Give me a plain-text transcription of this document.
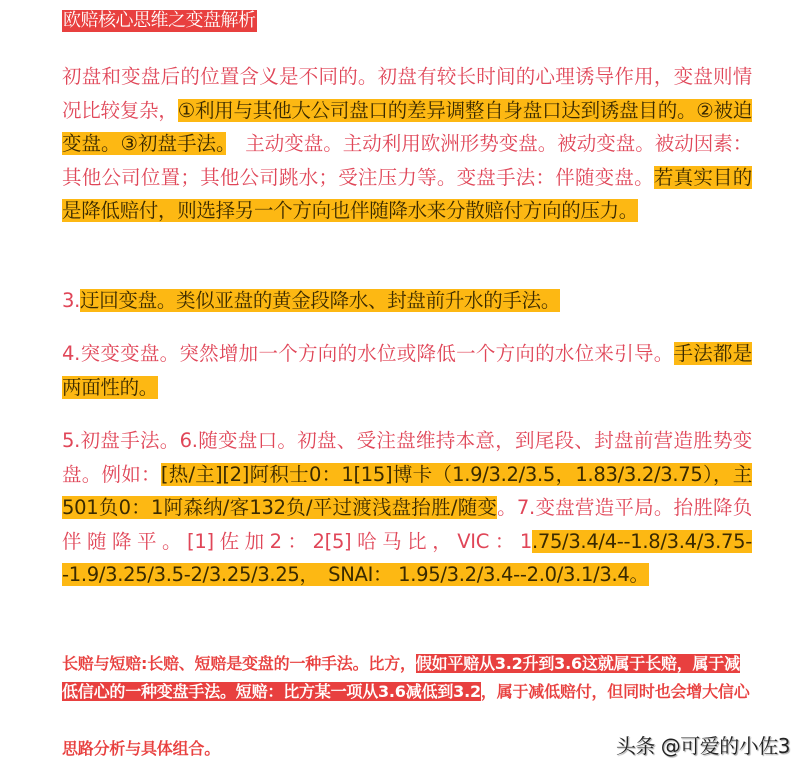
欧赔核心思维之变盘解析

初盘和变盘后的位置含义是不同的。初盘有较长时间的心理诱导作用，变盘则情况比较复杂，①利用与其他大公司盘口的差异调整自身盘口达到诱盘目的。②被迫变盘。③初盘手法。　主动变盘。主动利用欧洲形势变盘。被动变盘。被动因素：其他公司位置；其他公司跳水；受注压力等。变盘手法：伴随变盘。若真实目的是降低赔付，则选择另一个方向也伴随降水来分散赔付方向的压力。

3.迂回变盘。类似亚盘的黄金段降水、封盘前升水的手法。

4.突变变盘。突然增加一个方向的水位或降低一个方向的水位来引导。手法都是两面性的。

5.初盘手法。6.随变盘口。初盘、受注盘维持本意，到尾段、封盘前营造胜势变盘。例如：[热/主][2]阿积士0：1[15]博卡（1.9/3.2/3.5，1.83/3.2/3.75），主501负0：1阿森纳/客132负/平过渡浅盘抬胜/随变。7.变盘营造平局。抬胜降负伴随降平。[1]佐加2：2[5]哈马比，VIC：1.75/3.4/4--1.8/3.4/3.75--1.9/3.25/3.5-2/3.25/3.25，　SNAI： 1.95/3.2/3.4--2.0/3.1/3.4。

长赔与短赔:长赔、短赔是变盘的一种手法。比方，假如平赔从3.2升到3.6这就属于长赔，属于减低信心的一种变盘手法。短赔：比方某一项从3.6减低到3.2，属于减低赔付，但同时也会增大信心

思路分析与具体组合。	头条 @可爱的小佐3
